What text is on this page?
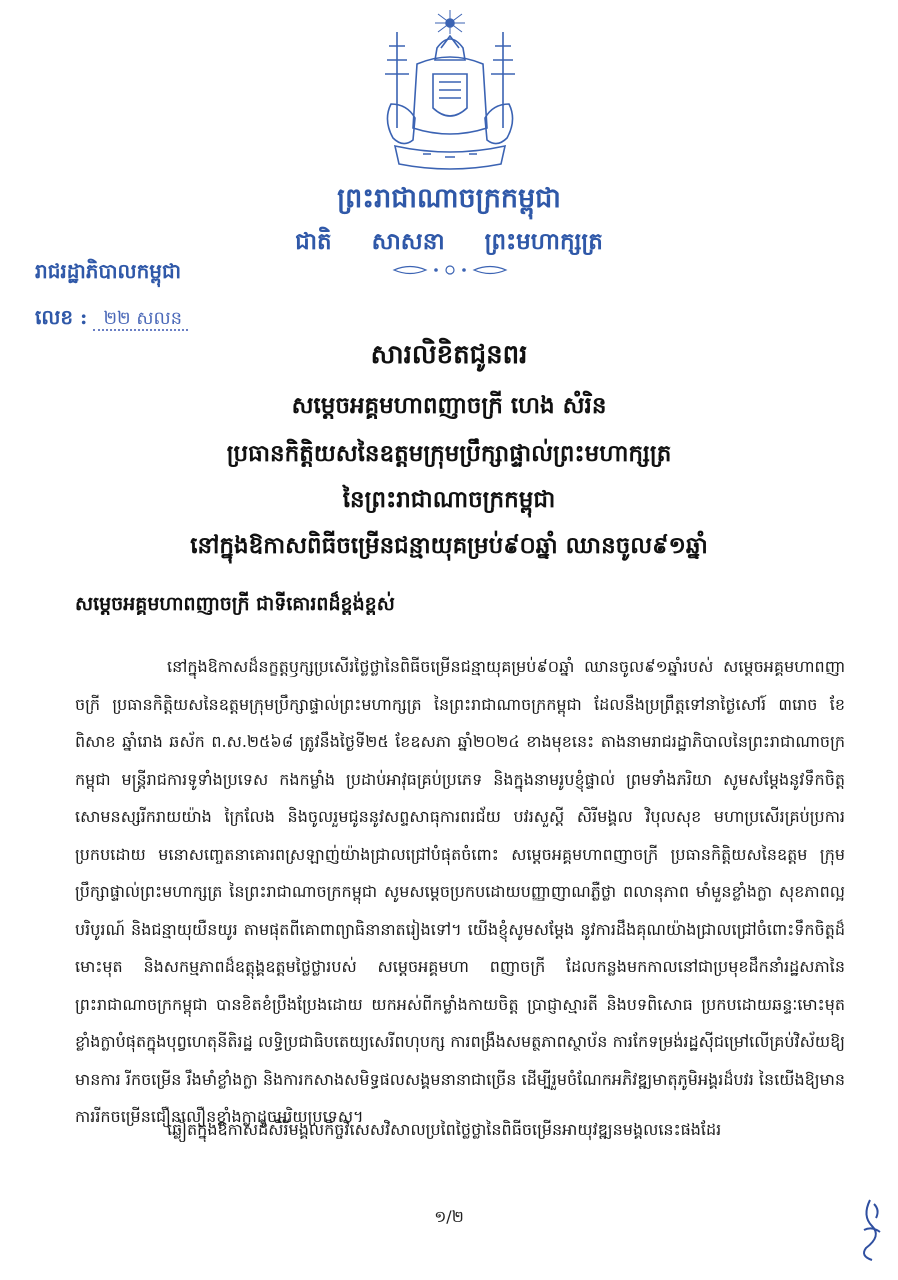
ព្រះរាជាណាចក្រកម្ពុជា
ជាតិ សាសនា ព្រះមហាក្សត្រ
រាជរដ្ឋាភិបាលកម្ពុជា
លេខ : ២២ សលន
សារលិខិតជូនពរ
សម្តេចអគ្គមហាពញាចក្រី ហេង សំរិន
ប្រធានកិត្តិយសនៃឧត្តមក្រុមប្រឹក្សាផ្ទាល់ព្រះមហាក្សត្រ
នៃព្រះរាជាណាចក្រកម្ពុជា
នៅក្នុងឱកាសពិធីចម្រើនជន្មាយុគម្រប់៩០ឆ្នាំ ឈានចូល៩១ឆ្នាំ
សម្តេចអគ្គមហាពញាចក្រី ជាទីគោរពដ៏ខ្ពង់ខ្ពស់

នៅក្នុងឱកាសដ៏នក្ខត្តឫក្សប្រសើរថ្លៃថ្លានៃពិធីចម្រើនជន្មាយុគម្រប់៩០ឆ្នាំ ឈានចូល៩១ឆ្នាំរបស់ សម្តេចអគ្គមហាពញាចក្រី ប្រធានកិត្តិយសនៃឧត្តមក្រុមប្រឹក្សាផ្ទាល់ព្រះមហាក្សត្រ នៃព្រះរាជាណាចក្រកម្ពុជា ដែលនឹងប្រព្រឹត្តទៅនាថ្ងៃសៅរ៍ ៣រោច ខែពិសាខ ឆ្នាំរោង ឆស័ក ព.ស.២៥៦៨ ត្រូវនឹងថ្ងៃទី២៥ ខែឧសភា ឆ្នាំ២០២៤ ខាងមុខនេះ តាងនាមរាជរដ្ឋាភិបាលនៃព្រះរាជាណាចក្រកម្ពុជា មន្ត្រីរាជការទូទាំងប្រទេស កងកម្លាំង ប្រដាប់អាវុធគ្រប់ប្រភេទ និងក្នុងនាមរូបខ្ញុំផ្ទាល់ ព្រមទាំងភរិយា សូមសម្តែងនូវទឹកចិត្តសោមនស្សរីករាយយ៉ាង ក្រៃលែង និងចូលរួមជូននូវសព្ទសាធុការពរជ័យ បវរសួស្តី សិរីមង្គល វិបុលសុខ មហាប្រសើរគ្រប់ប្រការ ប្រកបដោយ មនោសញ្ចេតនាគោរពស្រឡាញ់យ៉ាងជ្រាលជ្រៅបំផុតចំពោះ សម្តេចអគ្គមហាពញាចក្រី ប្រធានកិត្តិយសនៃឧត្តម ក្រុមប្រឹក្សាផ្ទាល់ព្រះមហាក្សត្រ នៃព្រះរាជាណាចក្រកម្ពុជា សូមសម្តេចប្រកបដោយបញ្ញាញាណភ្លឺថ្លា ពលានុភាព មាំមួនខ្លាំងក្លា សុខភាពល្អបរិបូរណ៍ និងជន្មាយុយឺនយូរ តាមផុតពីគោពាព្យាធិនានាតរៀងទៅ។ យើងខ្ញុំសូមសម្តែង នូវការដឹងគុណយ៉ាងជ្រាលជ្រៅចំពោះទឹកចិត្តដ៏មោះមុត និងសកម្មភាពដ៏ឧត្តុង្គឧត្តមថ្លៃថ្លារបស់ សម្តេចអគ្គមហា ពញាចក្រី ដែលកន្លងមកកាលនៅជាប្រមុខដឹកនាំរដ្ឋសភានៃព្រះរាជាណាចក្រកម្ពុជា បានខិតខំប្រឹងប្រែងដោយ យកអស់ពីកម្លាំងកាយចិត្ត ប្រាជ្ញាស្មារតី និងបទពិសោធ ប្រកបដោយឆន្ទៈមោះមុតខ្លាំងក្លាបំផុតក្នុងបុព្វហេតុនីតិរដ្ឋ លទ្ធិប្រជាធិបតេយ្យសេរីពហុបក្ស ការពង្រឹងសមត្ថភាពស្ថាប័ន ការកែទម្រង់រដ្ឋស៊ីជម្រៅលើគ្រប់វិស័យឱ្យមានការ រីកចម្រើន រឹងមាំខ្លាំងក្លា និងការកសាងសមិទ្ធផលសង្គមនានាជាច្រើន ដើម្បីរួមចំណែកអភិវឌ្ឍមាតុភូមិអង្គរដ៏បវរ នៃយើងឱ្យមានការរីកចម្រើនជឿនលឿនខ្លាំងក្លាដូចអរិយប្រទេស។

ឆ្លៀតក្នុងឱកាសដ៏សិរីមង្គលកិច្ចវិសេសវិសាលប្រពៃថ្លៃថ្លានៃពិធីចម្រើនអាយុវឌ្ឍនមង្គលនេះផងដែរ
១/២
